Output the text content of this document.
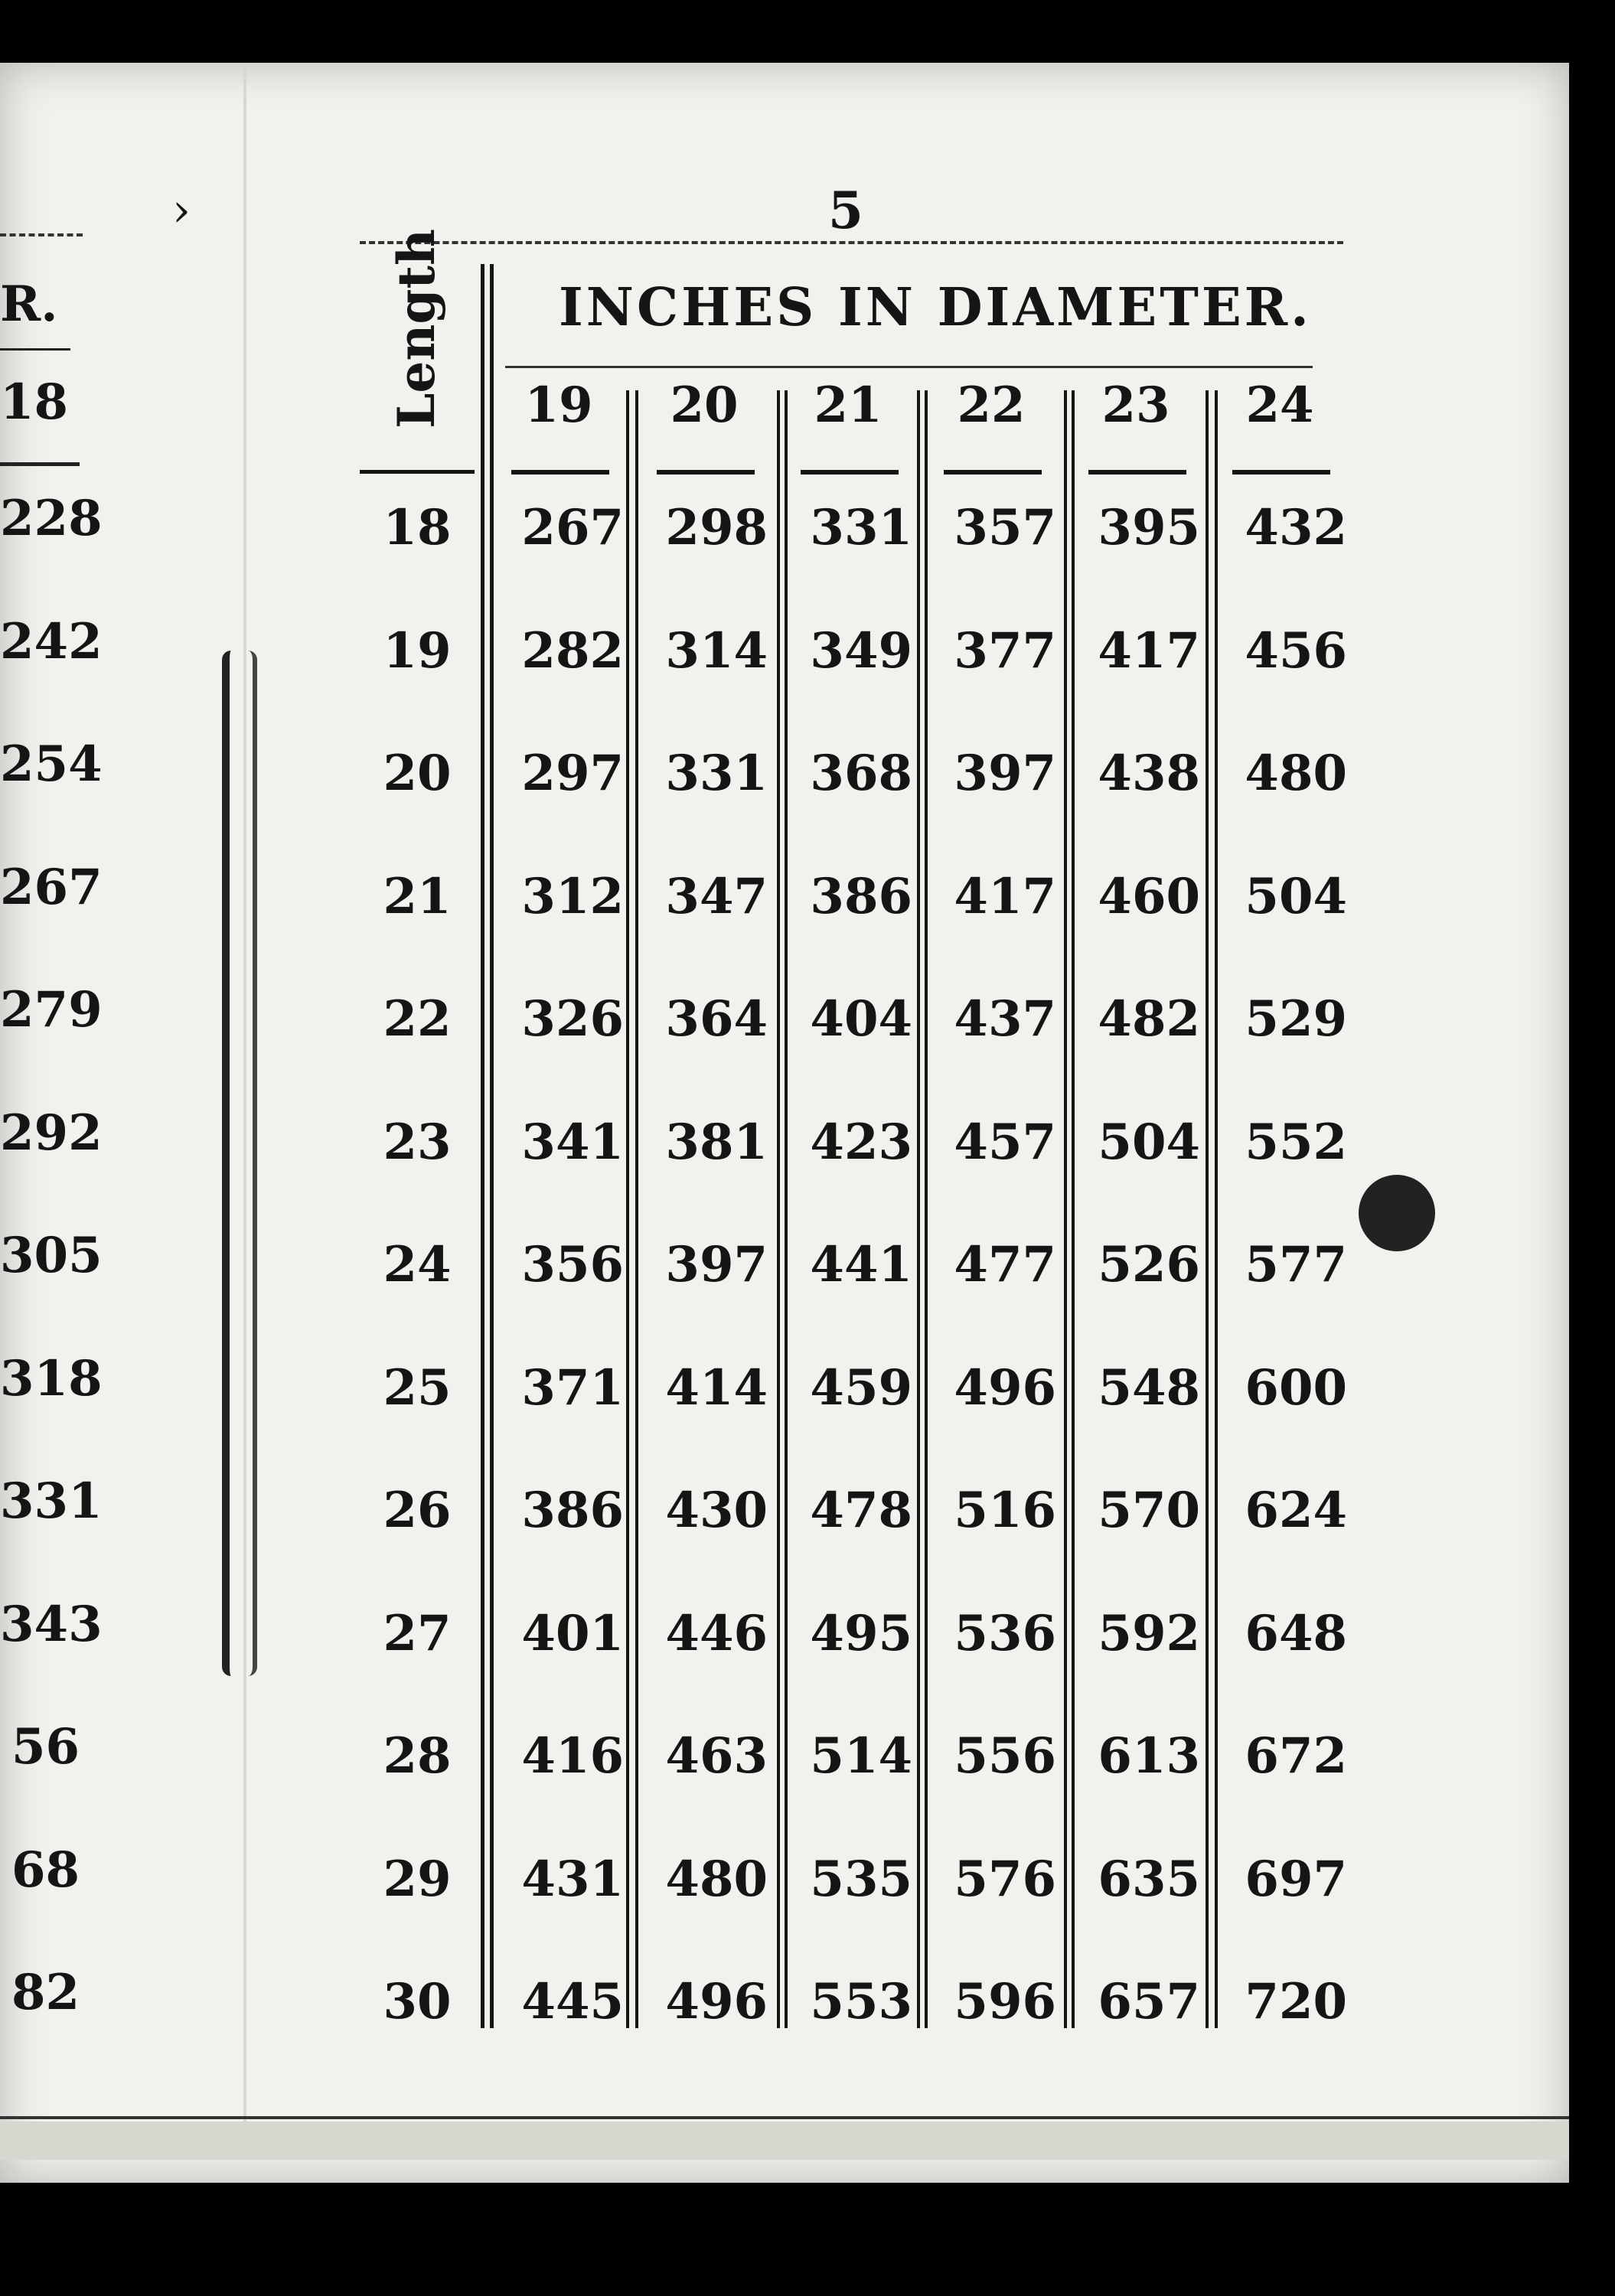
R.
18
228
242
254
267
279
292
305
318
331
343
56
68
82
›	5
INCHES IN DIAMETER.
Length	19	20	21	22	23	24
18	267 298 331 357 395 432
19	282 314 349 377 417 456
20	297 331 368 397 438 480
21	312 347 386 417 460 504
22	326 364 404 437 482 529
23	341 381 423 457 504 552
24	356 397 441 477 526 577
25	371 414 459 496 548 600
26	386 430 478 516 570 624
27	401 446 495 536 592 648
28	416 463 514 556 613 672
29	431 480 535 576 635 697
30	445 496 553 596 657 720
